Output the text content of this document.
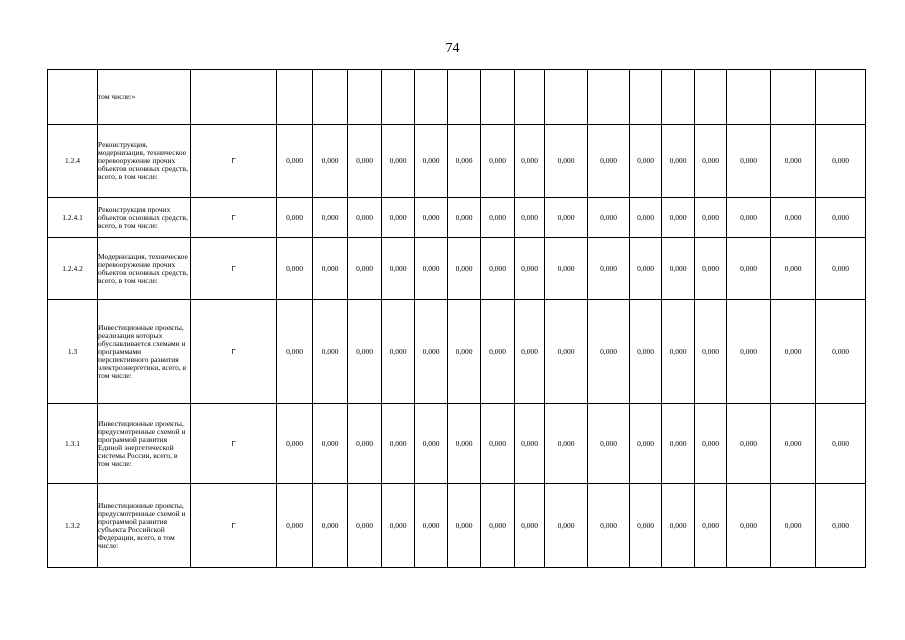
74
	том числе:»																	
1.2.4	Реконструкция, модернизация, техническое перевооружение прочих объектов основных средств, всего, в том числе:	Г	0,000	0,000	0,000	0,000	0,000	0,000	0,000	0,000	0,000	0,000	0,000	0,000	0,000	0,000	0,000	0,000
1.2.4.1	Реконструкция прочих объектов основных средств, всего, в том числе:	Г	0,000	0,000	0,000	0,000	0,000	0,000	0,000	0,000	0,000	0,000	0,000	0,000	0,000	0,000	0,000	0,000
1.2.4.2	Модернизация, техническое перевооружение прочих объектов основных средств, всего, в том числе:	Г	0,000	0,000	0,000	0,000	0,000	0,000	0,000	0,000	0,000	0,000	0,000	0,000	0,000	0,000	0,000	0,000
1.3	Инвестиционные проекты, реализация которых обуславливается схемами и программами перспективного развития электроэнергетики, всего, в том числе:	Г	0,000	0,000	0,000	0,000	0,000	0,000	0,000	0,000	0,000	0,000	0,000	0,000	0,000	0,000	0,000	0,000
1.3.1	Инвестиционные проекты, предусмотренные схемой и программой развития Единой энергетической системы России, всего, в том числе:	Г	0,000	0,000	0,000	0,000	0,000	0,000	0,000	0,000	0,000	0,000	0,000	0,000	0,000	0,000	0,000	0,000
1.3.2	Инвестиционные проекты, предусмотренные схемой и программой развития субъекта Российской Федерации, всего, в том числе:	Г	0,000	0,000	0,000	0,000	0,000	0,000	0,000	0,000	0,000	0,000	0,000	0,000	0,000	0,000	0,000	0,000
